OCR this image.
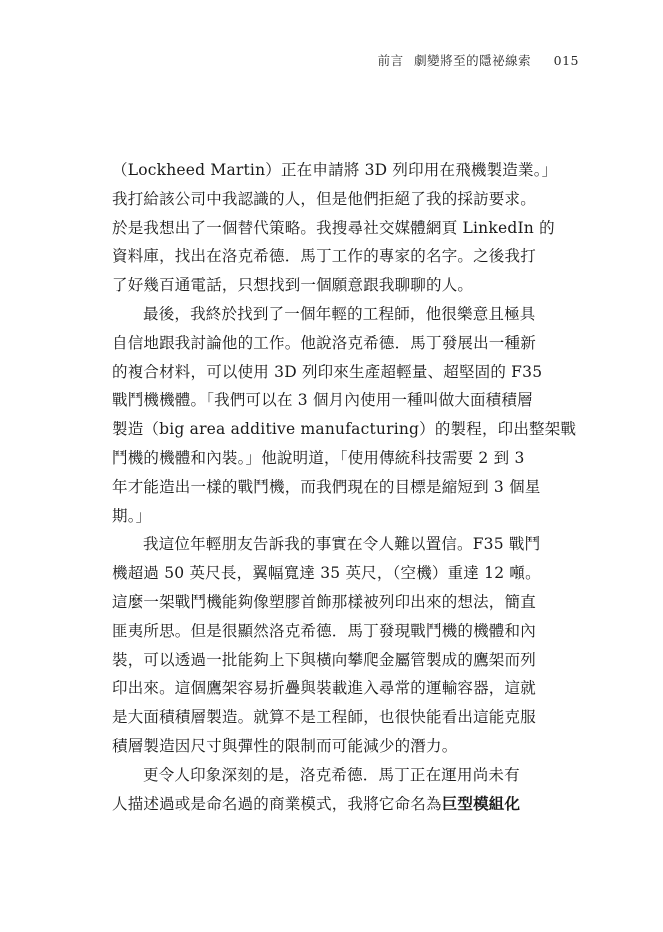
前言 劇變將至的隱祕線索 015
（Lockheed Martin）正在申請將 3D 列印用在飛機製造業。」
我打給該公司中我認識的人，但是他們拒絕了我的採訪要求。
於是我想出了一個替代策略。我搜尋社交媒體網頁 LinkedIn 的
資料庫，找出在洛克希德．馬丁工作的專家的名字。之後我打
了好幾百通電話，只想找到一個願意跟我聊聊的人。
最後，我終於找到了一個年輕的工程師，他很樂意且極具
自信地跟我討論他的工作。他說洛克希德．馬丁發展出一種新
的複合材料，可以使用 3D 列印來生產超輕量、超堅固的 F35
戰鬥機機體。「我們可以在 3 個月內使用一種叫做大面積積層
製造（big area additive manufacturing）的製程，印出整架戰
鬥機的機體和內裝。」他說明道，「使用傳統科技需要 2 到 3
年才能造出一樣的戰鬥機，而我們現在的目標是縮短到 3 個星
期。」
我這位年輕朋友告訴我的事實在令人難以置信。F35 戰鬥
機超過 50 英尺長，翼幅寬達 35 英尺，（空機）重達 12 噸。
這麼一架戰鬥機能夠像塑膠首飾那樣被列印出來的想法，簡直
匪夷所思。但是很顯然洛克希德．馬丁發現戰鬥機的機體和內
裝，可以透過一批能夠上下與橫向攀爬金屬管製成的鷹架而列
印出來。這個鷹架容易折疊與裝載進入尋常的運輸容器，這就
是大面積積層製造。就算不是工程師，也很快能看出這能克服
積層製造因尺寸與彈性的限制而可能減少的潛力。
更令人印象深刻的是，洛克希德．馬丁正在運用尚未有
人描述過或是命名過的商業模式，我將它命名為巨型模組化
